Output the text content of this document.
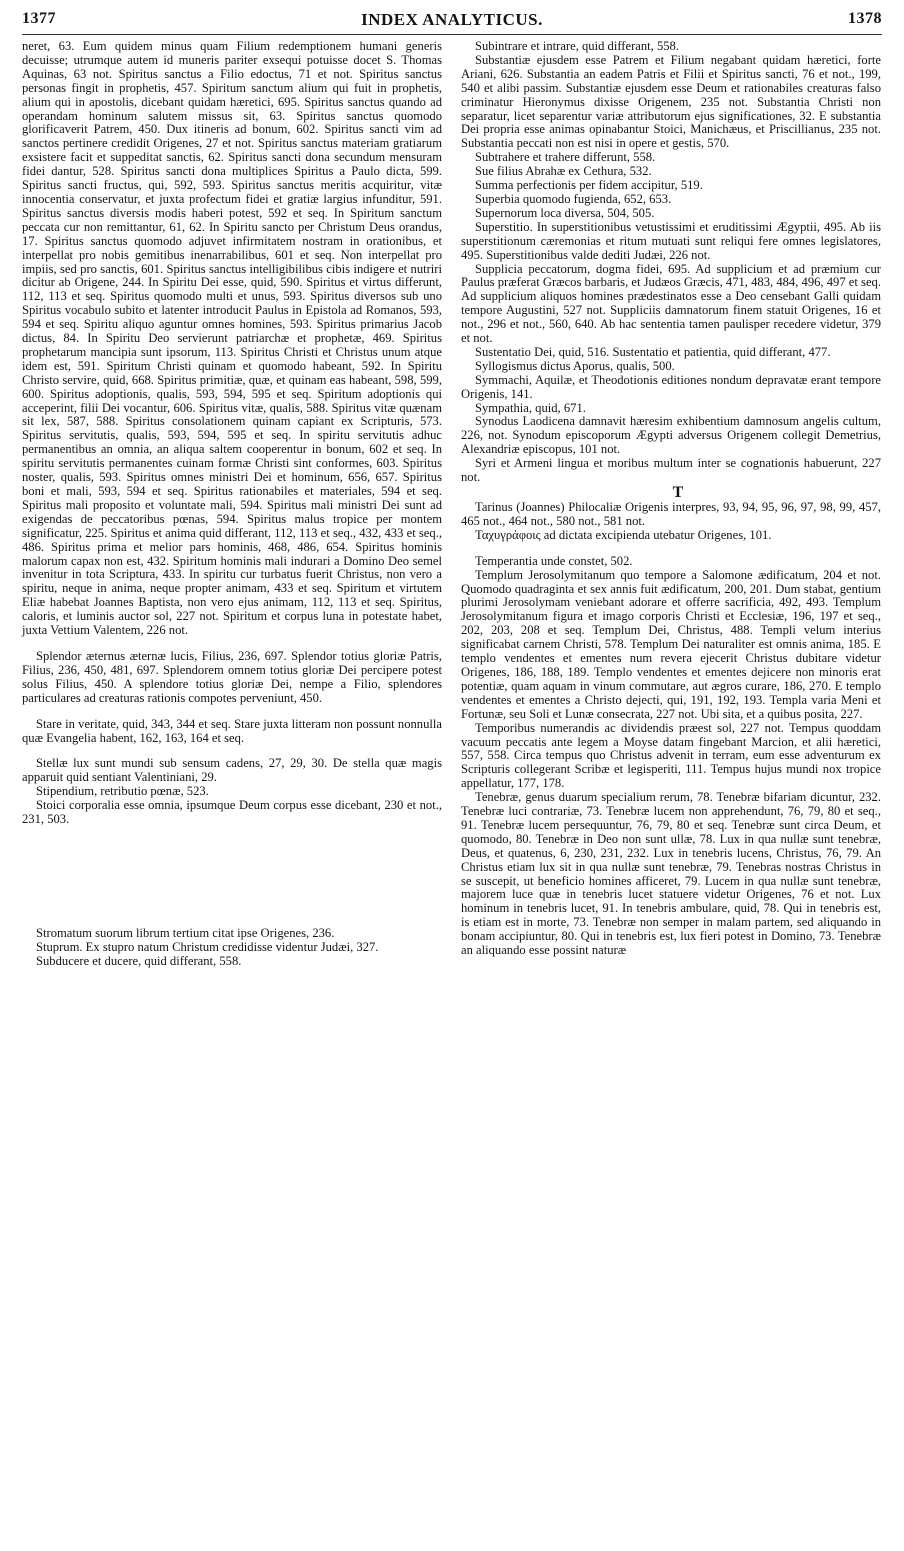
1377	INDEX ANALYTICUS.	1378

neret, 63. Eum quidem minus quam Filium redemptionem humani generis decuisse; utrumque autem id muneris pariter exsequi potuisse docet S. Thomas Aquinas, 63 not. Spiritus sanctus a Filio edoctus, 71 et not. Spiritus sanctus personas fingit in prophetis, 457. Spiritum sanctum alium qui fuit in prophetis, alium qui in apostolis, dicebant quidam hæretici, 695. Spiritus sanctus quando ad operandam hominum salutem missus sit, 63. Spiritus sanctus quomodo glorificaverit Patrem, 450. Dux itineris ad bonum, 602. Spiritus sancti vim ad sanctos pertinere credidit Origenes, 27 et not. Spiritus sanctus materiam gratiarum exsistere facit et suppeditat sanctis, 62. Spiritus sancti dona secundum mensuram fidei dantur, 528. Spiritus sancti dona multiplices Spiritus a Paulo dicta, 599. Spiritus sancti fructus, qui, 592, 593. Spiritus sanctus meritis acquiritur, vitæ innocentia conservatur, et juxta profectum fidei et gratiæ largius infunditur, 591. Spiritus sanctus diversis modis haberi potest, 592 et seq. In Spiritum sanctum peccata cur non remittantur, 61, 62. In Spiritu sancto per Christum Deus orandus, 17. Spiritus sanctus quomodo adjuvet infirmitatem nostram in orationibus, et interpellat pro nobis gemitibus inenarrabilibus, 601 et seq. Non interpellat pro impiis, sed pro sanctis, 601. Spiritus sanctus intelligibilibus cibis indigere et nutriri dicitur ab Origene, 244. In Spiritu Dei esse, quid, 590. Spiritus et virtus differunt, 112, 113 et seq. Spiritus quomodo multi et unus, 593. Spiritus diversos sub uno Spiritus vocabulo subito et latenter introducit Paulus in Epistola ad Romanos, 593, 594 et seq. Spiritu aliquo aguntur omnes homines, 593. Spiritus primarius Jacob dictus, 84. In Spiritu Deo servierunt patriarchæ et prophetæ, 469. Spiritus prophetarum mancipia sunt ipsorum, 113. Spiritus Christi et Christus unum atque idem est, 591. Spiritum Christi quinam et quomodo habeant, 592. In Spiritu Christo servire, quid, 668. Spiritus primitiæ, quæ, et quinam eas habeant, 598, 599, 600. Spiritus adoptionis, qualis, 593, 594, 595 et seq. Spiritum adoptionis qui acceperint, filii Dei vocantur, 606. Spiritus vitæ, qualis, 588. Spiritus vitæ quænam sit lex, 587, 588. Spiritus consolationem quinam capiant ex Scripturis, 573. Spiritus servitutis, qualis, 593, 594, 595 et seq. In spiritu servitutis adhuc permanentibus an omnia, an aliqua saltem cooperentur in bonum, 602 et seq. In spiritu servitutis permanentes cuinam formæ Christi sint conformes, 603. Spiritus noster, qualis, 593. Spiritus omnes ministri Dei et hominum, 656, 657. Spiritus boni et mali, 593, 594 et seq. Spiritus rationabiles et materiales, 594 et seq. Spiritus mali proposito et voluntate mali, 594. Spiritus mali ministri Dei sunt ad exigendas de peccatoribus pœnas, 594. Spiritus malus tropice per montem significatur, 225. Spiritus et anima quid differant, 112, 113 et seq., 432, 433 et seq., 486. Spiritus prima et melior pars hominis, 468, 486, 654. Spiritus hominis malorum capax non est, 432. Spiritum hominis mali indurari a Domino Deo semel invenitur in tota Scriptura, 433. In spiritu cur turbatus fuerit Christus, non vero a spiritu, neque in anima, neque propter animam, 433 et seq. Spiritum et virtutem Eliæ habebat Joannes Baptista, non vero ejus animam, 112, 113 et seq. Spiritus, caloris, et luminis auctor sol, 227 not. Spiritum et corpus luna in potestate habet, juxta Vettium Valentem, 226 not.

Splendor æternus æternæ lucis, Filius, 236, 697. Splendor totius gloriæ Patris, Filius, 236, 450, 481, 697. Splendorem omnem totius gloriæ Dei percipere potest solus Filius, 450. A splendore totius gloriæ Dei, nempe a Filio, splendores particulares ad creaturas rationis compotes perveniunt, 450.

Stare in veritate, quid, 343, 344 et seq. Stare juxta litteram non possunt nonnulla quæ Evangelia habent, 162, 163, 164 et seq.

Stellæ lux sunt mundi sub sensum cadens, 27, 29, 30. De stella quæ magis apparuit quid sentiant Valentiniani, 29.

Stipendium, retributio pœnæ, 523.

Stoici corporalia esse omnia, ipsumque Deum corpus esse dicebant, 230 et not., 231, 503.

Stromatum suorum librum tertium citat ipse Origenes, 236.

Stuprum. Ex stupro natum Christum credidisse videntur Judæi, 327.

Subducere et ducere, quid differant, 558.

Subintrare et intrare, quid differant, 558.

Substantiæ ejusdem esse Patrem et Filium negabant quidam hæretici, forte Ariani, 626. Substantia an eadem Patris et Filii et Spiritus sancti, 76 et not., 199, 540 et alibi passim. Substantiæ ejusdem esse Deum et rationabiles creaturas falso criminatur Hieronymus dixisse Origenem, 235 not. Substantia Christi non separatur, licet separentur variæ attributorum ejus significationes, 32. E substantia Dei propria esse animas opinabantur Stoici, Manichæus, et Priscillianus, 235 not. Substantia peccati non est nisi in opere et gestis, 570.

Subtrahere et trahere differunt, 558.

Sue filius Abrahæ ex Cethura, 532.

Summa perfectionis per fidem accipitur, 519.

Superbia quomodo fugienda, 652, 653.

Supernorum loca diversa, 504, 505.

Superstitio. In superstitionibus vetustissimi et eruditissimi Ægyptii, 495. Ab iis superstitionum cæremonias et ritum mutuati sunt reliqui fere omnes legislatores, 495. Superstitionibus valde dediti Judæi, 226 not.

Supplicia peccatorum, dogma fidei, 695. Ad supplicium et ad præmium cur Paulus præferat Græcos barbaris, et Judæos Græcis, 471, 483, 484, 496, 497 et seq. Ad supplicium aliquos homines prædestinatos esse a Deo censebant Galli quidam tempore Augustini, 527 not. Suppliciis damnatorum finem statuit Origenes, 16 et not., 296 et not., 560, 640. Ab hac sententia tamen paulisper recedere videtur, 379 et not.

Sustentatio Dei, quid, 516. Sustentatio et patientia, quid differant, 477.

Syllogismus dictus Aporus, qualis, 500.

Symmachi, Aquilæ, et Theodotionis editiones nondum depravatæ erant tempore Origenis, 141.

Sympathia, quid, 671.

Synodus Laodicena damnavit hæresim exhibentium damnosum angelis cultum, 226, not. Synodum episcoporum Ægypti adversus Origenem collegit Demetrius, Alexandriæ episcopus, 101 not.

Syri et Armeni lingua et moribus multum inter se cognationis habuerunt, 227 not.

T

Tarinus (Joannes) Philocaliæ Origenis interpres, 93, 94, 95, 96, 97, 98, 99, 457, 465 not., 464 not., 580 not., 581 not.

Ταχυγράφοις ad dictata excipienda utebatur Origenes, 101.

Temperantia unde constet, 502.

Templum Jerosolymitanum quo tempore a Salomone ædificatum, 204 et not. Quomodo quadraginta et sex annis fuit ædificatum, 200, 201. Dum stabat, gentium plurimi Jerosolymam veniebant adorare et offerre sacrificia, 492, 493. Templum Jerosolymitanum figura et imago corporis Christi et Ecclesiæ, 196, 197 et seq., 202, 203, 208 et seq. Templum Dei, Christus, 488. Templi velum interius significabat carnem Christi, 578. Templum Dei naturaliter est omnis anima, 185. E templo vendentes et ementes num revera ejecerit Christus dubitare videtur Origenes, 186, 188, 189. Templo vendentes et ementes dejicere non minoris erat potentiæ, quam aquam in vinum commutare, aut ægros curare, 186, 270. E templo vendentes et ementes a Christo dejecti, qui, 191, 192, 193. Templa varia Meni et Fortunæ, seu Soli et Lunæ consecrata, 227 not. Ubi sita, et a quibus posita, 227.

Temporibus numerandis ac dividendis præest sol, 227 not. Tempus quoddam vacuum peccatis ante legem a Moyse datam fingebant Marcion, et alii hæretici, 557, 558. Circa tempus quo Christus advenit in terram, eum esse adventurum ex Scripturis collegerant Scribæ et legisperiti, 111. Tempus hujus mundi nox tropice appellatur, 177, 178.

Tenebræ, genus duarum specialium rerum, 78. Tenebræ bifariam dicuntur, 232. Tenebræ luci contrariæ, 73. Tenebræ lucem non apprehendunt, 76, 79, 80 et seq., 91. Tenebræ lucem persequuntur, 76, 79, 80 et seq. Tenebræ sunt circa Deum, et quomodo, 80. Tenebræ in Deo non sunt ullæ, 78. Lux in qua nullæ sunt tenebræ, Deus, et quatenus, 6, 230, 231, 232. Lux in tenebris lucens, Christus, 76, 79. An Christus etiam lux sit in qua nullæ sunt tenebræ, 79. Tenebras nostras Christus in se suscepit, ut beneficio homines afficeret, 79. Lucem in qua nullæ sunt tenebræ, majorem luce quæ in tenebris lucet statuere videtur Origenes, 76 et not. Lux hominum in tenebris lucet, 91. In tenebris ambulare, quid, 78. Qui in tenebris est, is etiam est in morte, 73. Tenebræ non semper in malam partem, sed aliquando in bonam accipiuntur, 80. Qui in tenebris est, lux fieri potest in Domino, 73. Tenebræ an aliquando esse possint naturæ
